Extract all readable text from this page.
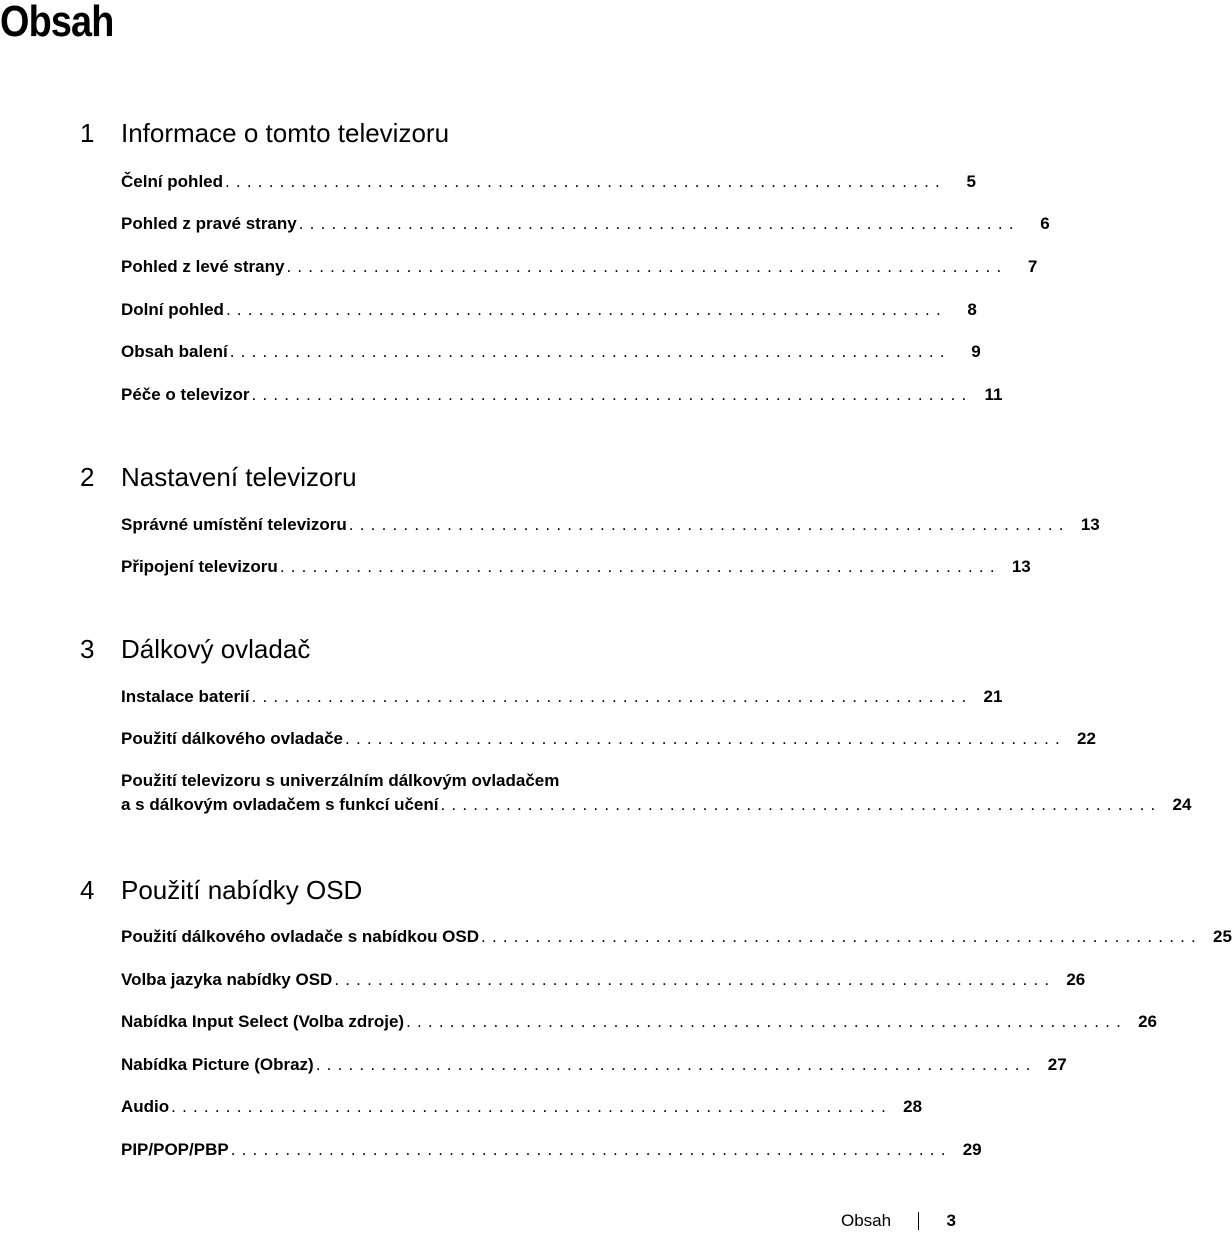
Obsah
1 Informace o tomto televizoru
Čelní pohled ..................................................................	5
Pohled z pravé strany ..................................................................	6
Pohled z levé strany ..................................................................	7
Dolní pohled ..................................................................	8
Obsah balení ..................................................................	9
Péče o televizor .................................................................. 11
2 Nastavení televizoru
Správné umístění televizoru .................................................................. 13
Připojení televizoru .................................................................. 13
3 Dálkový ovladač
Instalace baterií .................................................................. 21
Použití dálkového ovladače .................................................................. 22
Použití televizoru s univerzálním dálkovým ovladačem
a s dálkovým ovladačem s funkcí učení .................................................................. 24
4 Použití nabídky OSD
Použití dálkového ovladače s nabídkou OSD .................................................................. 25
Volba jazyka nabídky OSD .................................................................. 26
Nabídka Input Select (Volba zdroje) .................................................................. 26
Nabídka Picture (Obraz) .................................................................. 27
Audio .................................................................. 28
PIP/POP/PBP .................................................................. 29
Obsah	3
